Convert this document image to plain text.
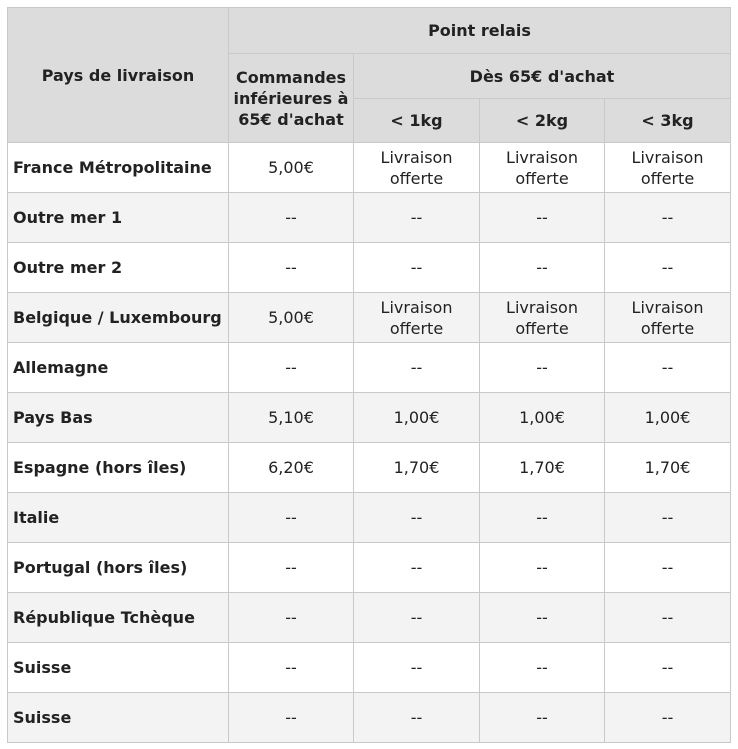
Pays de livraison	Point relais			
	Commandes inférieures à 65€ d'achat	Dès 65€ d'achat		
		< 1kg	< 2kg	< 3kg
France Métropolitaine	5,00€	Livraison offerte	Livraison offerte	Livraison offerte
Outre mer 1	--	--	--	--
Outre mer 2	--	--	--	--
Belgique / Luxembourg	5,00€	Livraison offerte	Livraison offerte	Livraison offerte
Allemagne	--	--	--	--
Pays Bas	5,10€	1,00€	1,00€	1,00€
Espagne (hors îles)	6,20€	1,70€	1,70€	1,70€
Italie	--	--	--	--
Portugal (hors îles)	--	--	--	--
République Tchèque	--	--	--	--
Suisse	--	--	--	--
Suisse	--	--	--	--
